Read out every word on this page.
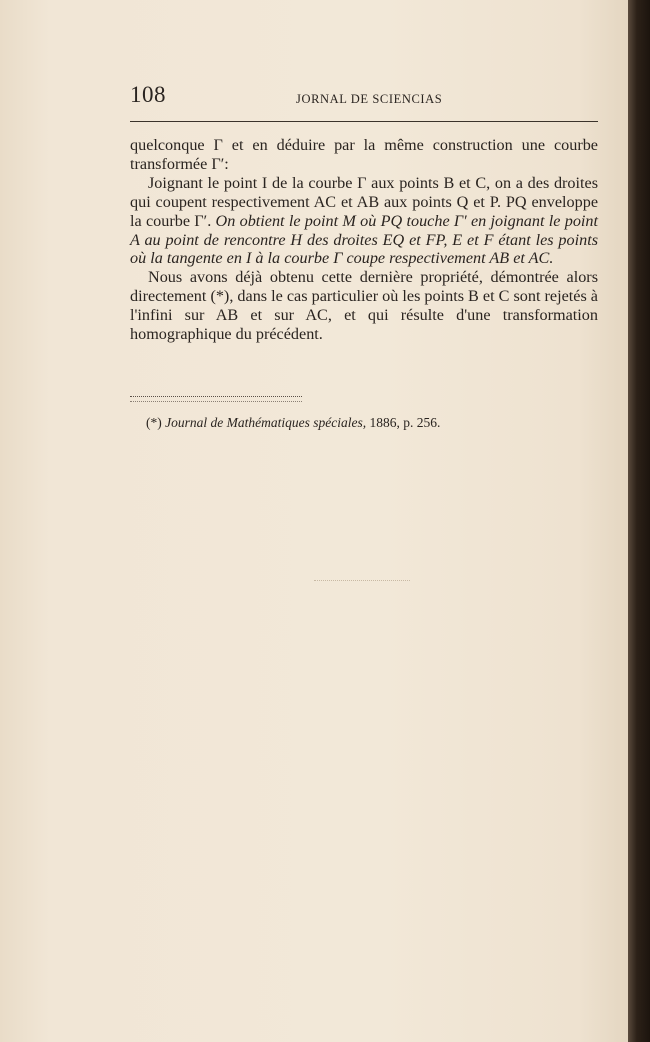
108	JORNAL DE SCIENCIAS

quelconque Γ et en déduire par la même construction une courbe transformée Γ′:

Joignant le point I de la courbe Γ aux points B et C, on a des droites qui coupent respectivement AC et AB aux points Q et P. PQ enveloppe la courbe Γ′. On obtient le point M où PQ touche Γ′ en joignant le point A au point de rencontre H des droites EQ et FP, E et F étant les points où la tangente en I à la courbe Γ coupe respectivement AB et AC.

Nous avons déjà obtenu cette dernière propriété, démontrée alors directement (*), dans le cas particulier où les points B et C sont rejetés à l'infini sur AB et sur AC, et qui résulte d'une transformation homographique du précédent.

(*) Journal de Mathématiques spéciales, 1886, p. 256.
